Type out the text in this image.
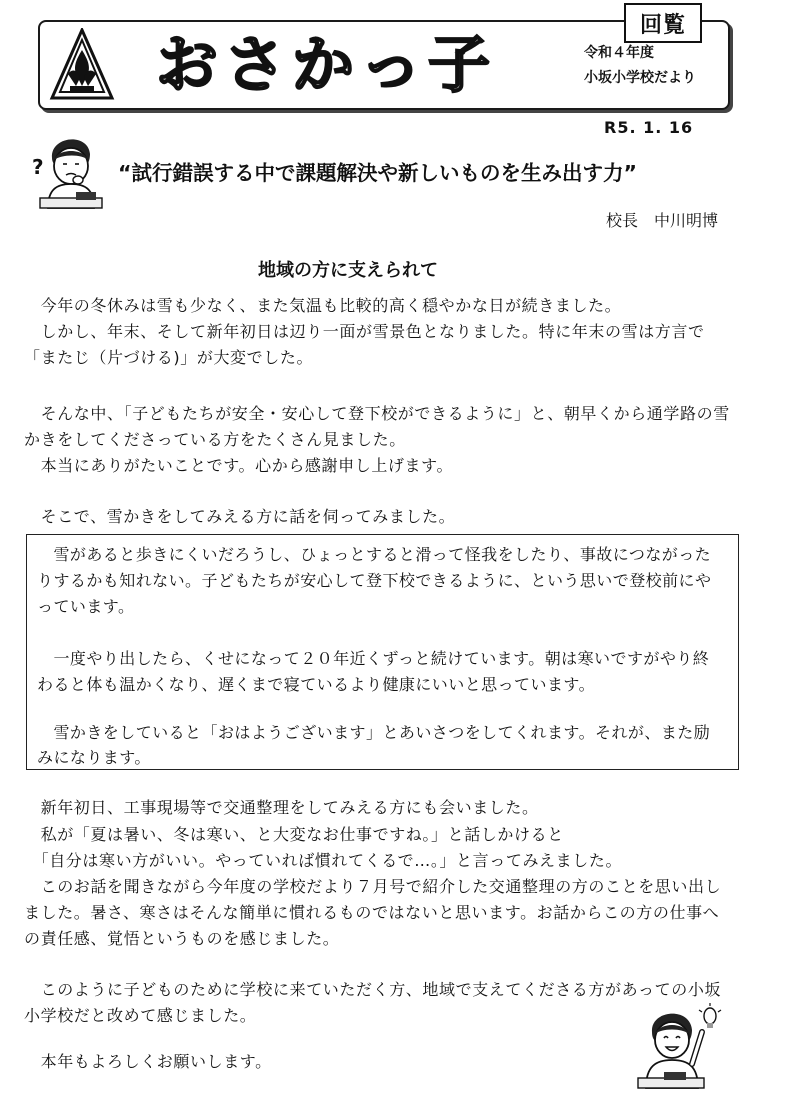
おさかっ子	令和４年度
小坂小学校だより
回覧
R5. 1. 16
?	“試行錯誤する中で課題解決や新しいものを生み出す力”
校長　中川明博
地域の方に支えられて
　今年の冬休みは雪も少なく、また気温も比較的高く穏やかな日が続きました。
　しかし、年末、そして新年初日は辺り一面が雪景色となりました。特に年末の雪は方言で
「またじ（片づける)」が大変でした。
　そんな中、「子どもたちが安全・安心して登下校ができるように」と、朝早くから通学路の雪
かきをしてくださっている方をたくさん見ました。
　本当にありがたいことです。心から感謝申し上げます。
　そこで、雪かきをしてみえる方に話を伺ってみました。
　雪があると歩きにくいだろうし、ひょっとすると滑って怪我をしたり、事故につながった
りするかも知れない。子どもたちが安心して登下校できるように、という思いで登校前にや
っています。
　一度やり出したら、くせになって２０年近くずっと続けています。朝は寒いですがやり終
わると体も温かくなり、遅くまで寝ているより健康にいいと思っています。
　雪かきをしていると「おはようございます」とあいさつをしてくれます。それが、また励
みになります。
　新年初日、工事現場等で交通整理をしてみえる方にも会いました。
　私が「夏は暑い、冬は寒い、と大変なお仕事ですね。」と話しかけると
　「自分は寒い方がいい。やっていれば慣れてくるで…。」と言ってみえました。
　このお話を聞きながら今年度の学校だより７月号で紹介した交通整理の方のことを思い出し
ました。暑さ、寒さはそんな簡単に慣れるものではないと思います。お話からこの方の仕事へ
の責任感、覚悟というものを感じました。
　このように子どものために学校に来ていただく方、地域で支えてくださる方があっての小坂
小学校だと改めて感じました。
　本年もよろしくお願いします。
